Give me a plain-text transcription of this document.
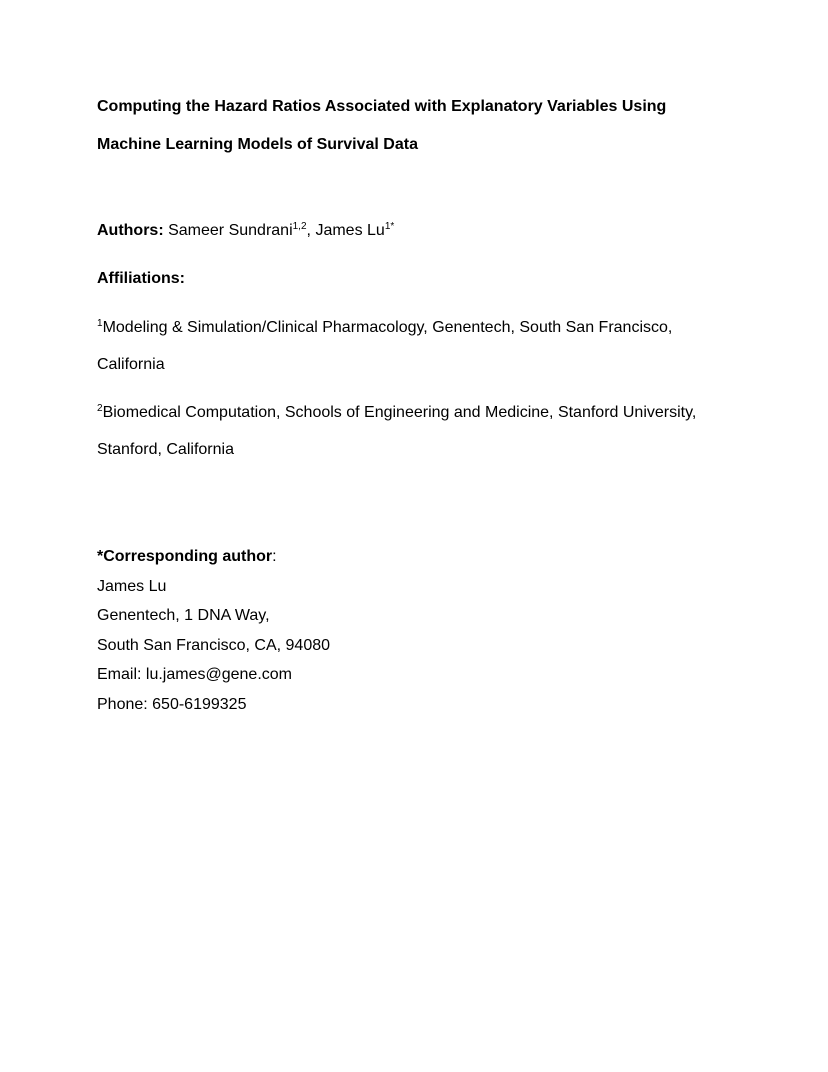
Computing the Hazard Ratios Associated with Explanatory Variables Using
Machine Learning Models of Survival Data
Authors: Sameer Sundrani$^{1,2}$, James $Lu^{1*}$
Affiliations:
$^1$Modeling & Simulation/Clinical Pharmacology, Genentech, South San Francisco,
California
$^2$Biomedical Computation, Schools of Engineering and Medicine, Stanford University,
Stanford, California
*Corresponding author:
James Lu
Genentech, 1 DNA Way,
South San Francisco, CA, 94080
Email: lu.james@gene.com
Phone: 650-6199325
